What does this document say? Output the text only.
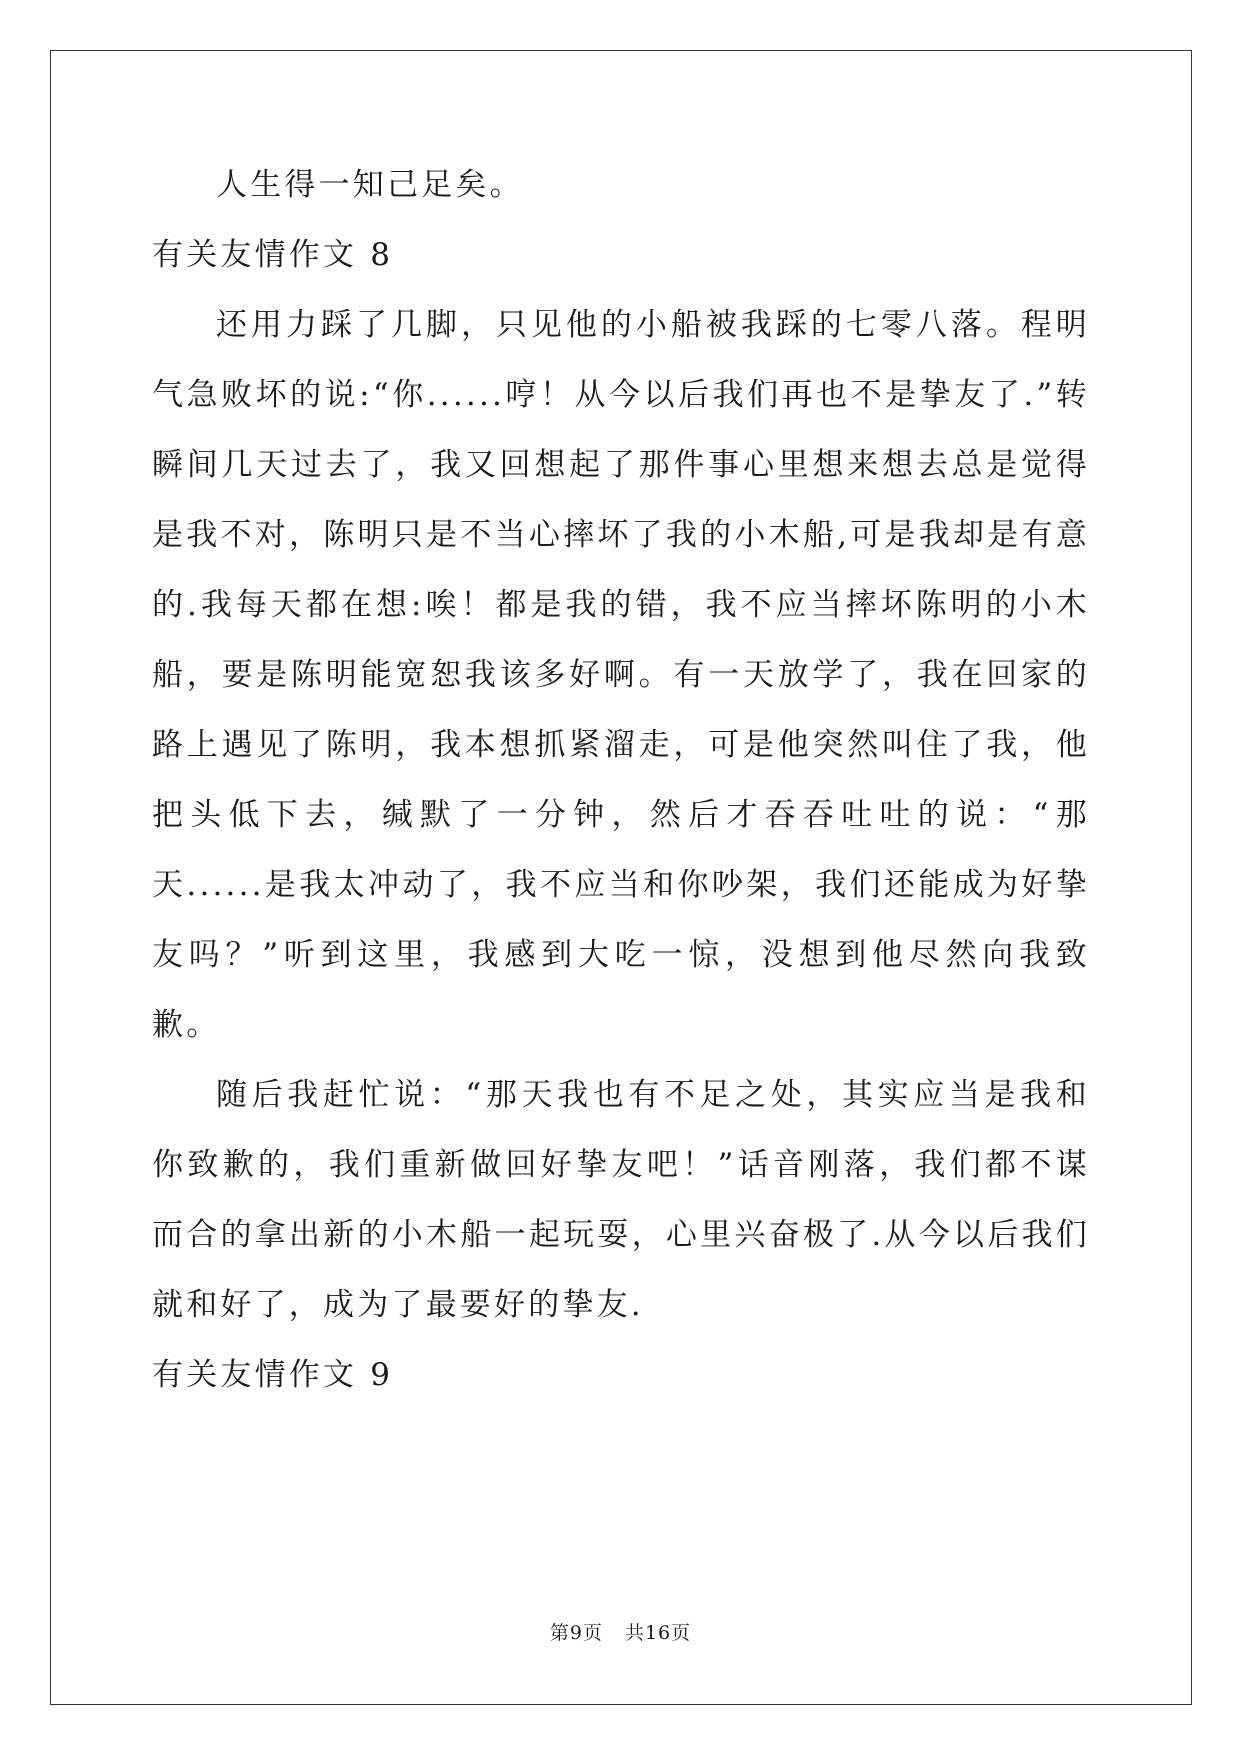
人生得一知己足矣。

有关友情作文 8

还用力踩了几脚，只见他的小船被我踩的七零八落。程明气急败坏的说:“你......哼！从今以后我们再也不是挚友了.”转瞬间几天过去了，我又回想起了那件事心里想来想去总是觉得是我不对，陈明只是不当心摔坏了我的小木船,可是我却是有意的.我每天都在想:唉！都是我的错，我不应当摔坏陈明的小木船，要是陈明能宽恕我该多好啊。有一天放学了，我在回家的路上遇见了陈明，我本想抓紧溜走，可是他突然叫住了我，他把头低下去，缄默了一分钟，然后才吞吞吐吐的说：“那天......是我太冲动了，我不应当和你吵架，我们还能成为好挚友吗？”听到这里，我感到大吃一惊，没想到他尽然向我致歉。

随后我赶忙说：“那天我也有不足之处，其实应当是我和你致歉的，我们重新做回好挚友吧！”话音刚落，我们都不谋而合的拿出新的小木船一起玩耍，心里兴奋极了.从今以后我们就和好了，成为了最要好的挚友.

有关友情作文 9

第9页 共16页
